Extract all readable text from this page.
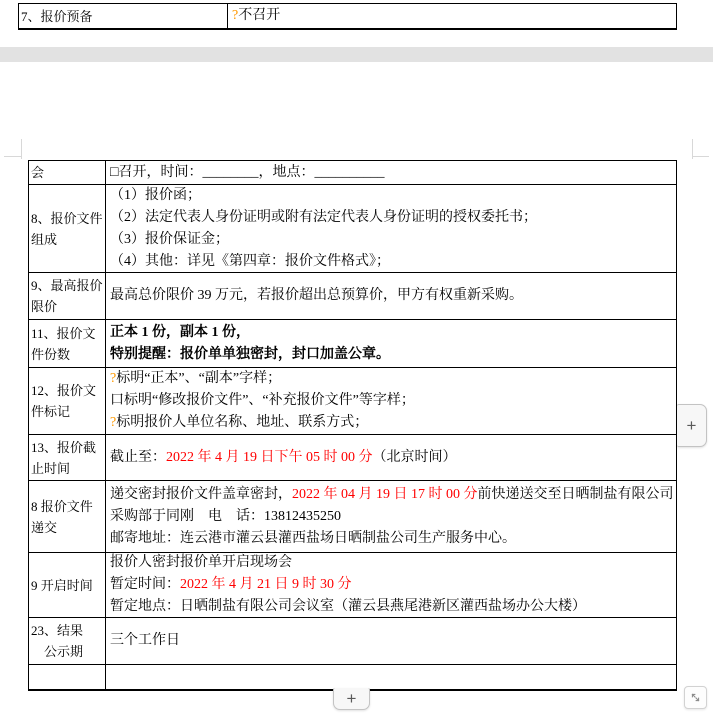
7、报价预备	?不召开
会	□召开，时间：________，地点：__________
8、报价文件
组成
（1）报价函；
（2）法定代表人身份证明或附有法定代表人身份证明的授权委托书；
（3）报价保证金；
（4）其他：详见《第四章：报价文件格式》；
9、最高报价
限价
最高总价限价 39 万元，若报价超出总预算价，甲方有权重新采购。
11、报价文
件份数
正本 1 份，副本 1 份，
特别提醒：报价单单独密封，封口加盖公章。
12、报价文
件标记
?标明“正本”、“副本”字样；
口标明“修改报价文件”、“补充报价文件”等字样；
?标明报价人单位名称、地址、联系方式；
13、报价截
止时间
截止至：2022 年 4 月 19 日下午 05 时 00 分（北京时间）
8 报价文件
递交
递交密封报价文件盖章密封，2022 年 04 月 19 日 17 时 00 分前快递送交至日晒制盐有限公司
采购部于同刚　电　话：13812435250
邮寄地址：连云港市灌云县灌西盐场日晒制盐公司生产服务中心。
9 开启时间
报价人密封报价单开启现场会
暂定时间：2022 年 4 月 21 日 9 时 30 分
暂定地点：日晒制盐有限公司会议室（灌云县燕尾港新区灌西盐场办公大楼）
23、结果
　公示期
三个工作日
+
+
